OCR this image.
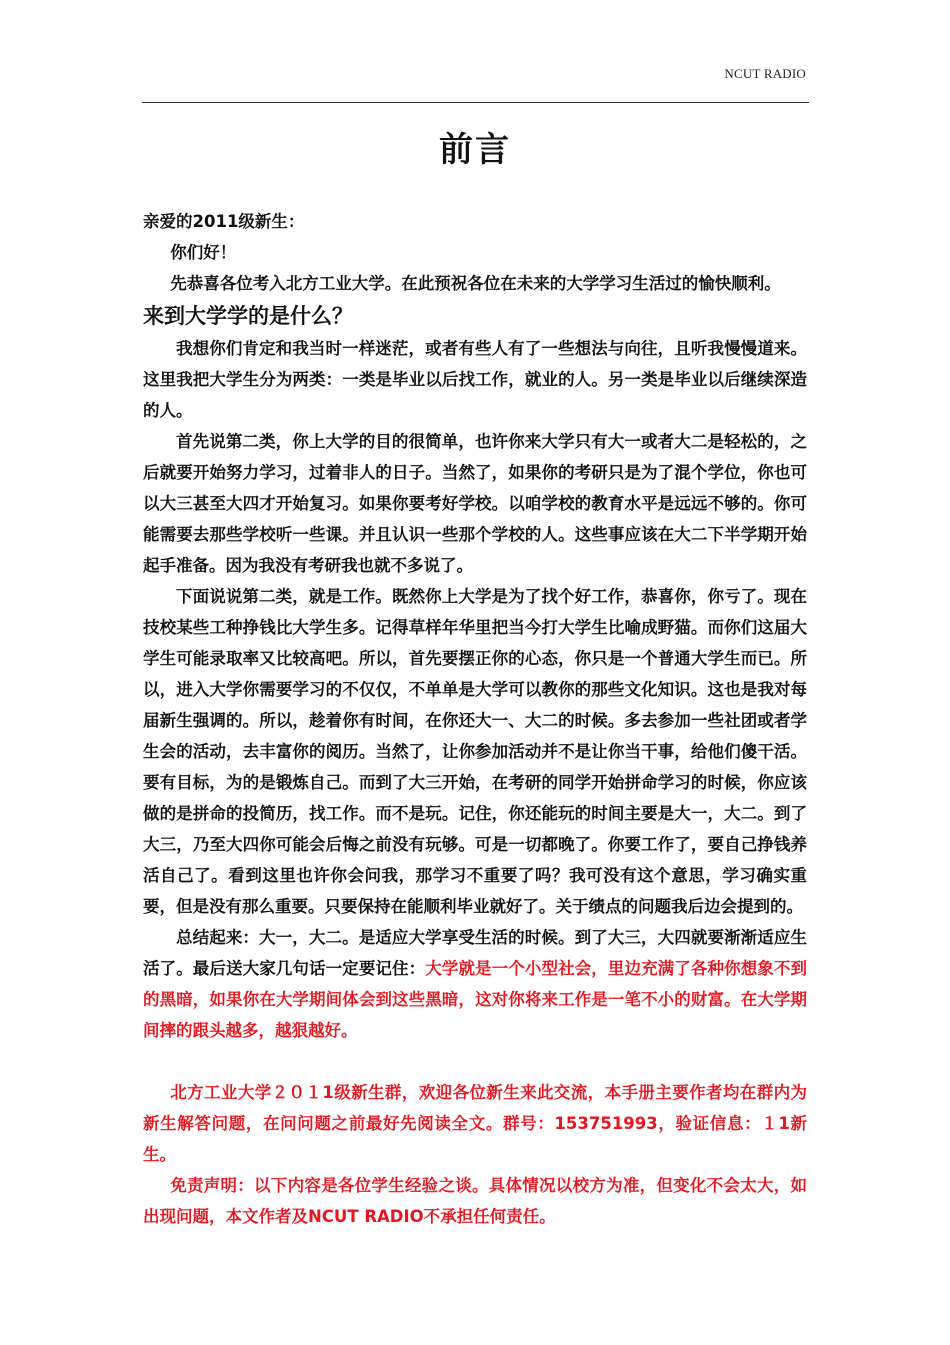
NCUT RADIO
前言

亲爱的2011级新生：

你们好！

先恭喜各位考入北方工业大学。在此预祝各位在未来的大学学习生活过的愉快顺利。

来到大学学的是什么？

我想你们肯定和我当时一样迷茫，或者有些人有了一些想法与向往，且听我慢慢道来。这里我把大学生分为两类：一类是毕业以后找工作，就业的人。另一类是毕业以后继续深造的人。

首先说第二类，你上大学的目的很简单，也许你来大学只有大一或者大二是轻松的，之后就要开始努力学习，过着非人的日子。当然了，如果你的考研只是为了混个学位，你也可以大三甚至大四才开始复习。如果你要考好学校。以咱学校的教育水平是远远不够的。你可能需要去那些学校听一些课。并且认识一些那个学校的人。这些事应该在大二下半学期开始起手准备。因为我没有考研我也就不多说了。

下面说说第二类，就是工作。既然你上大学是为了找个好工作，恭喜你，你亏了。现在技校某些工种挣钱比大学生多。记得草样年华里把当今打大学生比喻成野猫。而你们这届大学生可能录取率又比较高吧。所以，首先要摆正你的心态，你只是一个普通大学生而已。所以，进入大学你需要学习的不仅仅，不单单是大学可以教你的那些文化知识。这也是我对每届新生强调的。所以，趁着你有时间，在你还大一、大二的时候。多去参加一些社团或者学生会的活动，去丰富你的阅历。当然了，让你参加活动并不是让你当干事，给他们傻干活。要有目标，为的是锻炼自己。而到了大三开始，在考研的同学开始拼命学习的时候，你应该做的是拼命的投简历，找工作。而不是玩。记住，你还能玩的时间主要是大一，大二。到了大三，乃至大四你可能会后悔之前没有玩够。可是一切都晚了。你要工作了，要自己挣钱养活自己了。看到这里也许你会问我，那学习不重要了吗？我可没有这个意思，学习确实重要，但是没有那么重要。只要保持在能顺利毕业就好了。关于绩点的问题我后边会提到的。

总结起来：大一，大二。是适应大学享受生活的时候。到了大三，大四就要渐渐适应生活了。最后送大家几句话一定要记住：大学就是一个小型社会，里边充满了各种你想象不到的黑暗，如果你在大学期间体会到这些黑暗，这对你将来工作是一笔不小的财富。在大学期间摔的跟头越多，越狠越好。

北方工业大学２０１1级新生群，欢迎各位新生来此交流，本手册主要作者均在群内为新生解答问题，在问问题之前最好先阅读全文。群号：153751993，验证信息：１1新生。

免责声明：以下内容是各位学生经验之谈。具体情况以校方为准，但变化不会太大，如出现问题，本文作者及NCUT RADIO不承担任何责任。
